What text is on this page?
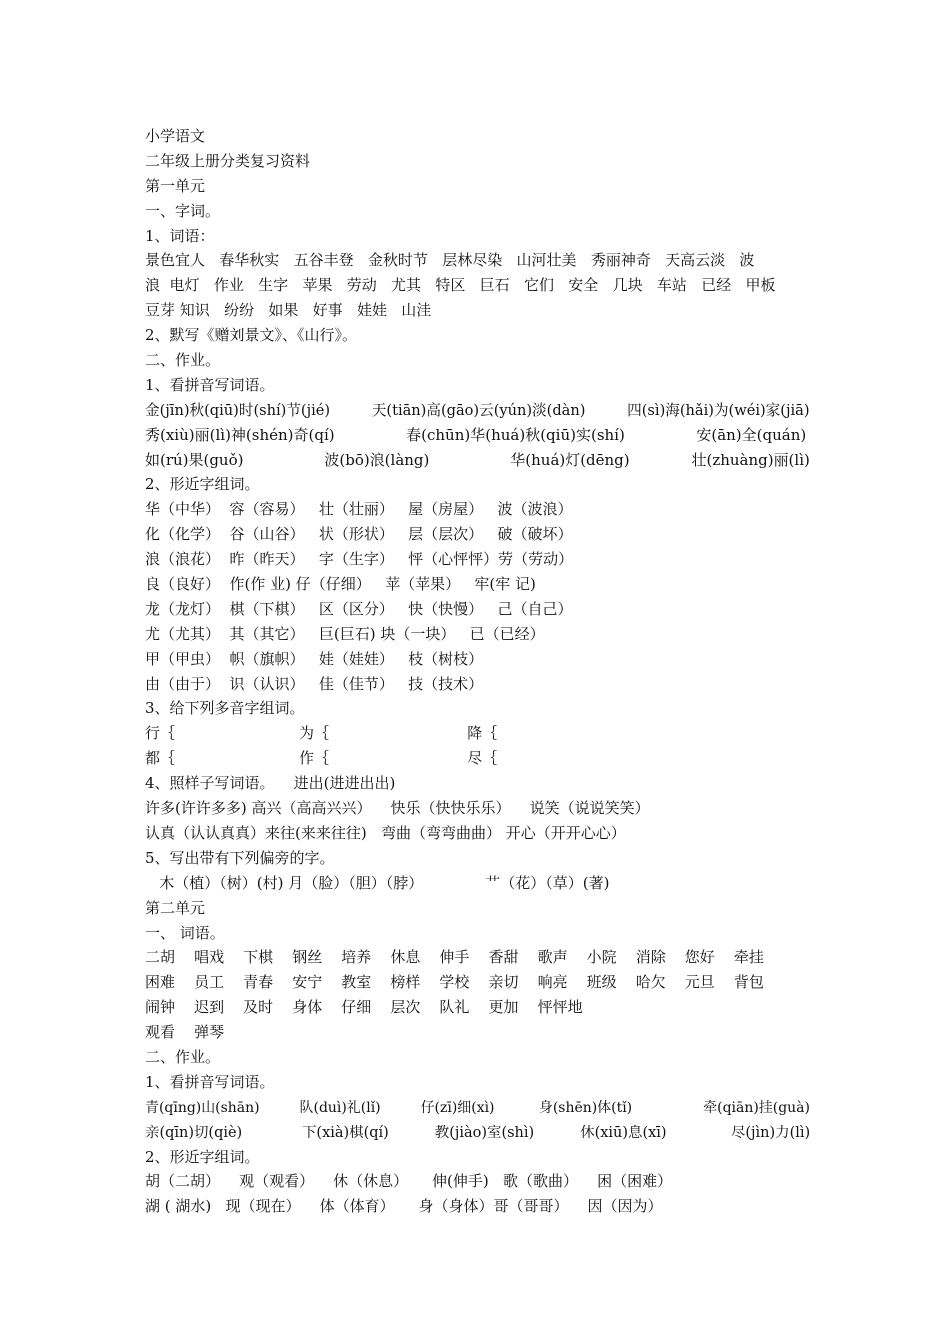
小学语文
二年级上册分类复习资料
第一单元
一、字词。
1、词语：
景色宜人   春华秋实   五谷丰登   金秋时节   层林尽染   山河壮美   秀丽神奇   天高云淡   波
浪  电灯   作业   生字   苹果   劳动   尤其   特区   巨石   它们   安全   几块   车站   已经   甲板
豆芽 知识   纷纷   如果   好事   娃娃   山洼
2、默写《赠刘景文》、《山行》。
二、作业。
1、看拼音写词语。
金(jīn)秋(qiū)时(shí)节(jié)         天(tiān)高(gāo)云(yún)淡(dàn)         四(sì)海(hǎi)为(wéi)家(jiā)
秀(xiù)丽(lì)神(shén)奇(qí)               春(chūn)华(huá)秋(qiū)实(shí)               安(ān)全(quán)
如(rú)果(guǒ)                 波(bō)浪(làng)                 华(huá)灯(dēng)             壮(zhuàng)丽(lì)
2、形近字组词。
华（中华）  容（容易）   壮（壮丽）   屋（房屋）   波（波浪）
化（化学）  谷（山谷）   状（形状）   层（层次）   破（破坏）
浪（浪花）  昨（昨天）   字（生字）   怦（心怦怦）劳（劳动）
良（良好）  作(作 业) 仔（仔细）   苹（苹果）   牢(牢 记)
龙（龙灯）  棋（下棋）   区（区分）   快（快慢）   己（自己）
尤（尤其）  其（其它）   巨(巨石) 块（一块）   已（已经）
甲（甲虫）  帜（旗帜）   娃（娃娃）   枝（树枝）
由（由于）  识（认识）   佳（佳节）   技（技术）
3、给下列多音字组词。
行｛                          为｛                             降｛
都｛                          作｛                             尽｛
4、照样子写词语。    进出(进进出出)
许多(许许多多) 高兴（高高兴兴）    快乐（快快乐乐）    说笑（说说笑笑）
认真（认认真真）来往(来来往往)   弯曲（弯弯曲曲） 开心（开开心心）
5、写出带有下列偏旁的字。
木（植）（树）(村) 月（脸）（胆）（脖）             艹（花）（草）(著)
第二单元
一、 词语。
二胡    唱戏    下棋    钢丝    培养    休息    伸手    香甜    歌声    小院    消除    您好    牵挂
困难    员工    青春    安宁    教室    榜样    学校    亲切    响亮    班级    哈欠    元旦    背包
闹钟    迟到    及时    身体    仔细    层次    队礼    更加    怦怦地
观看    弹琴
二、作业。
1、看拼音写词语。
青(qīng)山(shān)         队(duì)礼(lǐ)         仔(zī)细(xì)          身(shēn)体(tǐ)                牵(qiān)挂(guà)
亲(qīn)切(qiè)             下(xià)棋(qí)          教(jiào)室(shì)          休(xiū)息(xī)              尽(jìn)力(lì)
2、形近字组词。
胡（二胡）    观（观看）    休（休息）     伸(伸手)   歌（歌曲）    困（困难）
湖 ( 湖水)   现（现在）    体（体育）     身（身体）哥（哥哥）    因（因为）
